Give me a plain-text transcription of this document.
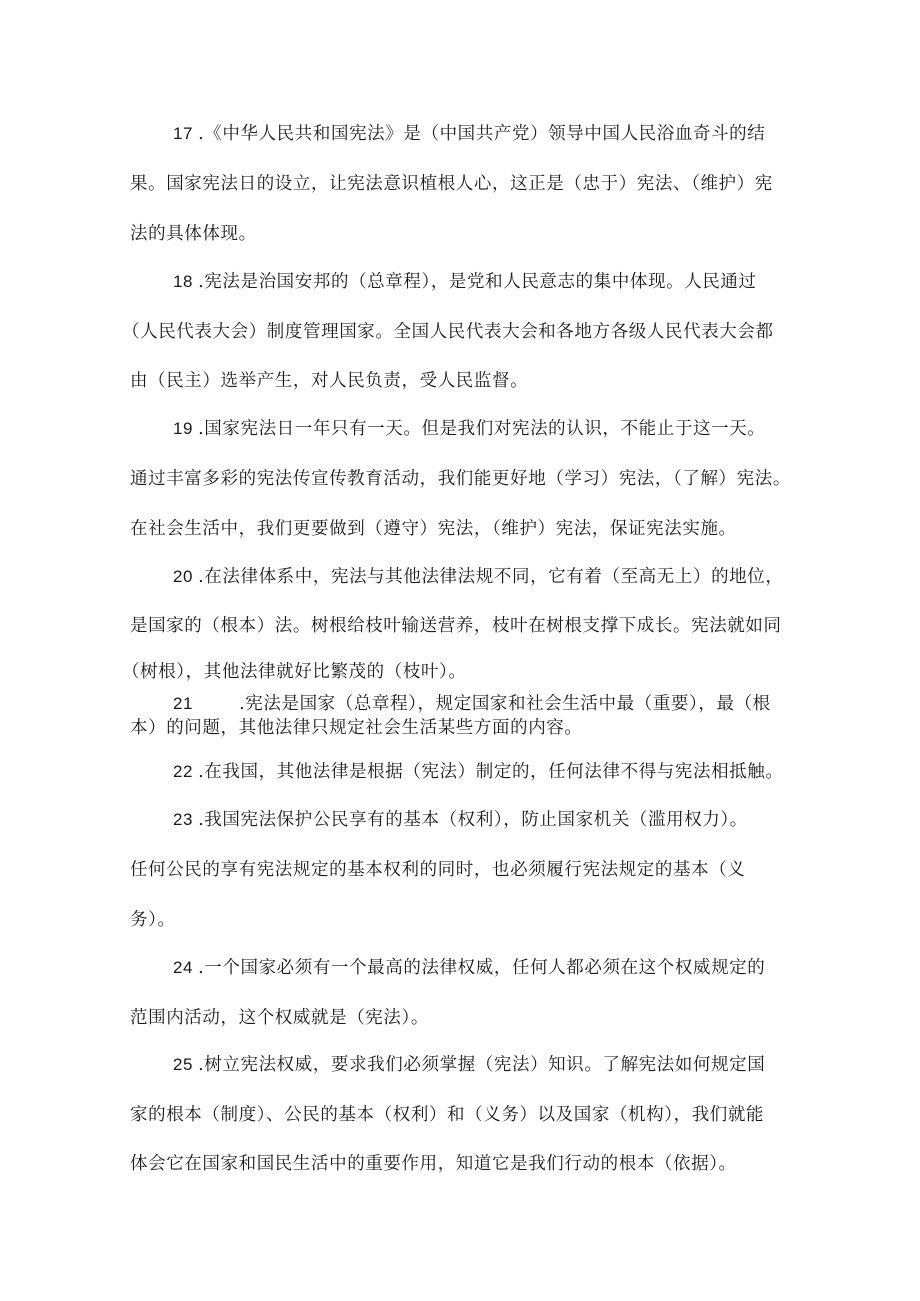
17 .《中华人民共和国宪法》是（中国共产党）领导中国人民浴血奇斗的结
果。国家宪法日的设立，让宪法意识植根人心，这正是（忠于）宪法、（维护）宪
法的具体体现。
18 .宪法是治国安邦的（总章程），是党和人民意志的集中体现。人民通过
（人民代表大会）制度管理国家。全国人民代表大会和各地方各级人民代表大会都
由（民主）选举产生，对人民负责，受人民监督。
19 .国家宪法日一年只有一天。但是我们对宪法的认识，不能止于这一天。
通过丰富多彩的宪法传宣传教育活动，我们能更好地（学习）宪法，（了解）宪法。
在社会生活中，我们更要做到（遵守）宪法，（维护）宪法，保证宪法实施。
20 .在法律体系中，宪法与其他法律法规不同，它有着（至高无上）的地位，
是国家的（根本）法。树根给枝叶输送营养，枝叶在树根支撑下成长。宪法就如同
（树根），其他法律就好比繁茂的（枝叶）。
21	.宪法是国家（总章程），规定国家和社会生活中最（重要），最（根
本）的问题，其他法律只规定社会生活某些方面的内容。
22 .在我国，其他法律是根据（宪法）制定的，任何法律不得与宪法相抵触。
23 .我国宪法保护公民享有的基本（权利），防止国家机关（滥用权力）。
任何公民的享有宪法规定的基本权利的同时，也必须履行宪法规定的基本（义
务）。
24 .一个国家必须有一个最高的法律权威，任何人都必须在这个权威规定的
范围内活动，这个权威就是（宪法）。
25 .树立宪法权威，要求我们必须掌握（宪法）知识。了解宪法如何规定国
家的根本（制度）、公民的基本（权利）和（义务）以及国家（机构），我们就能
体会它在国家和国民生活中的重要作用，知道它是我们行动的根本（依据）。
